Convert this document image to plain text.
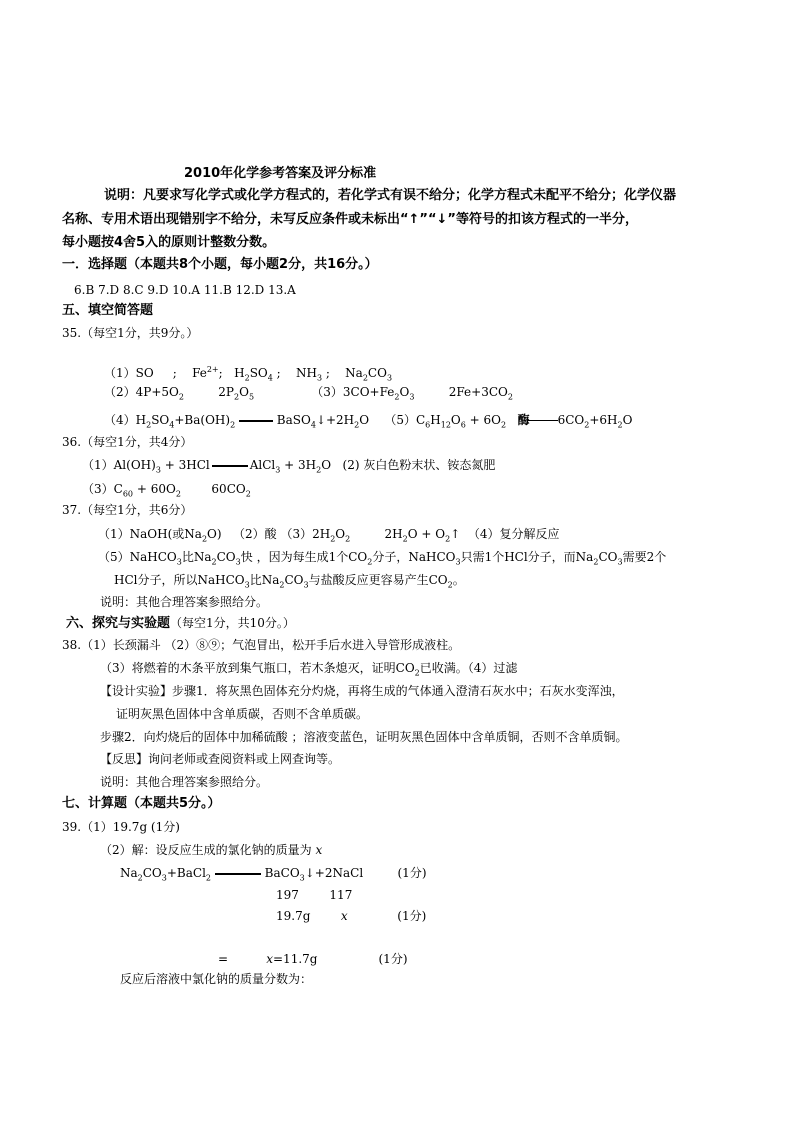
2010年化学参考答案及评分标准
说明：凡要求写化学式或化学方程式的，若化学式有误不给分；化学方程式未配平不给分；化学仪器
名称、专用术语出现错别字不给分，未写反应条件或未标出“↑”“↓”等符号的扣该方程式的一半分，
每小题按4舍5入的原则计整数分数。
一．选择题（本题共8个小题，每小题2分，共16分。）
6.B 7.D 8.C 9.D 10.A 11.B 12.D 13.A
五、填空简答题
35.（每空1分，共9分。）
（1）SO     ;    $Fe^{2+}$;   $H_2SO_4$ ;    $NH_3$ ;    $Na_2CO_3$
$(2)4P+5O_2$         $2P_2O_5$               $(3)3CO+Fe_2O_3$         $2Fe+3CO_2$
$(4)H_2SO_4+Ba(OH)_2$	$BaSO_4↓+2H_2O$    $(5)C_6H_{12}O_6 + 6O_2$ 酶 $6CO_2+6H_2O$
36.（每空1分，共4分）
$(1)Al(OH)_3 + 3HCl$	AlCl$_3$ + $3H_2O$   (2) 灰白色粉末状、铵态氮肥
$(3)C_{60} + 60O_2$        $60CO_2$
37.（每空1分，共6分）
（1）NaOH(或$Na_2O$)   （2）酸 $(3)2H_2O_2$         $2H_2O$ + $O_2↑$  （4）复分解反应
（5）NaHCO$_3$比$Na_2CO_3$快 ，因为每生成1个$CO_2$分子，NaHCO$_3$只需1个HCl分子，而$Na_2CO_3$需要2个
HCl分子，所以NaHCO$_3$比$Na_2CO_3$与盐酸反应更容易产生$CO_2$。
说明：其他合理答案参照给分。
六、探究与实验题（每空1分，共10分。）
38.（1）长颈漏斗 （2）⑧⑨；气泡冒出，松开手后水进入导管形成液柱。
（3）将燃着的木条平放到集气瓶口，若木条熄灭，证明$CO_2$已收满。（4）过滤
【设计实验】步骤1．将灰黑色固体充分灼烧，再将生成的气体通入澄清石灰水中；石灰水变浑浊，
证明灰黑色固体中含单质碳，否则不含单质碳。
步骤2．向灼烧后的固体中加稀硫酸 ；溶液变蓝色，证明灰黑色固体中含单质铜，否则不含单质铜。
【反思】询问老师或查阅资料或上网查询等。
说明：其他合理答案参照给分。
七、计算题（本题共5分。）
39.（1）19.7g (1分)
（2）解：设反应生成的氯化钠的质量为 x
$Na_2CO_3+BaCl_2$	BaCO$_3$↓+2NaCl         (1分)
197	117
19.7g	x	(1分)
=	x=11.7g	(1分)
反应后溶液中氯化钠的质量分数为：
